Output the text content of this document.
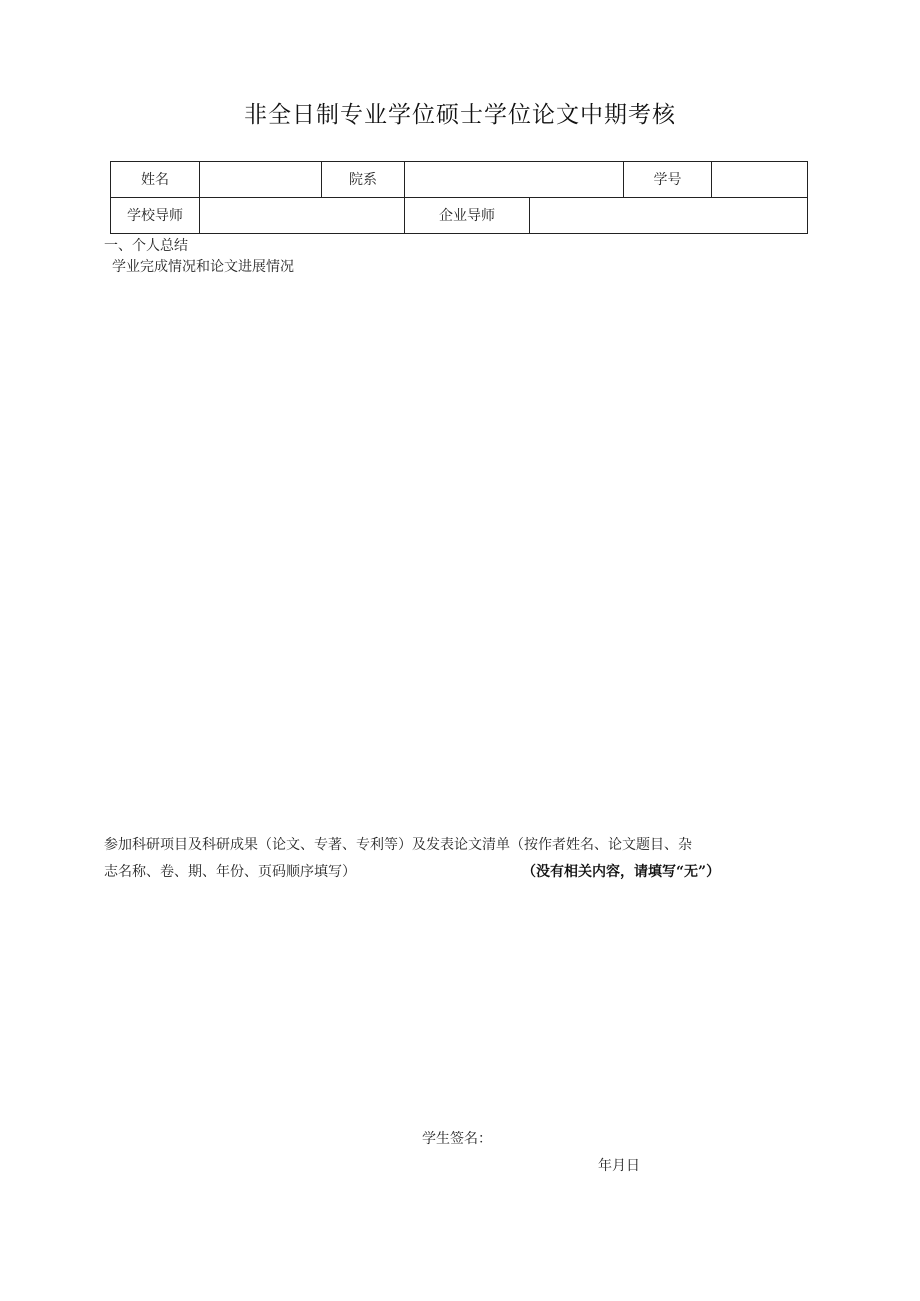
非全日制专业学位硕士学位论文中期考核
姓名	院系	学号
学校导师	企业导师
一、个人总结
学业完成情况和论文进展情况
参加科研项目及科研成果（论文、专著、专利等）及发表论文清单（按作者姓名、论文题目、杂
志名称、卷、期、年份、页码顺序填写）	（没有相关内容，请填写“无”）
学生签名：
年月日
